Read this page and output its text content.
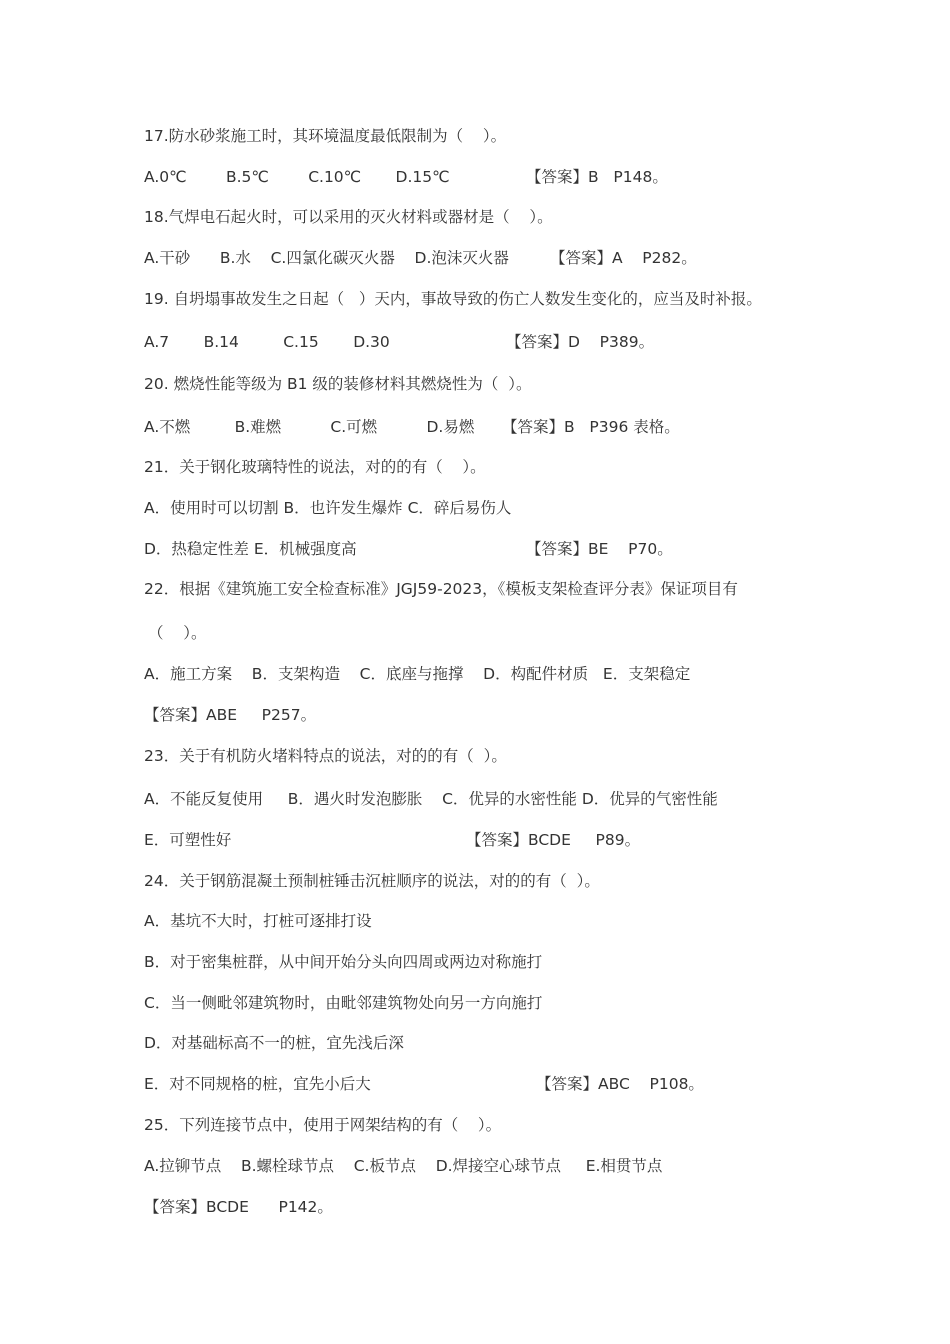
17.防水砂浆施工时，其环境温度最低限制为（    ）。

A.0℃        B.5℃        C.10℃       D.15℃

	【答案】B   P148。

18.气焊电石起火时，可以采用的灭火材料或器材是（    ）。

A.干砂      B.水    C.四氯化碳灭火器    D.泡沫灭火器

	【答案】A    P282。

19. 自坍塌事故发生之日起（   ）天内，事故导致的伤亡人数发生变化的，应当及时补报。

A.7       B.14         C.15       D.30

	【答案】D    P389。

20. 燃烧性能等级为 B1 级的装修材料其燃烧性为（  ）。

A.不燃         B.难燃          C.可燃          D.易燃

【答案】B   P396 表格。

21．关于钢化玻璃特性的说法，对的的有（    ）。

A．使用时可以切割 B．也许发生爆炸 C．碎后易伤人

D．热稳定性差 E．机械强度高

	【答案】BE    P70。

22．根据《建筑施工安全检查标准》JGJ59-2023，《模板支架检查评分表》保证项目有

（    ）。

A．施工方案    B．支架构造    C．底座与拖撑    D．构配件材质   E．支架稳定

【答案】ABE     P257。

23．关于有机防火堵料特点的说法，对的的有（  ）。

A．不能反复使用     B．遇火时发泡膨胀    C．优异的水密性能 D．优异的气密性能

E．可塑性好

	【答案】BCDE     P89。

24．关于钢筋混凝土预制桩锤击沉桩顺序的说法，对的的有（  ）。

A．基坑不大时，打桩可逐排打设

B．对于密集桩群，从中间开始分头向四周或两边对称施打

C．当一侧毗邻建筑物时，由毗邻建筑物处向另一方向施打

D．对基础标高不一的桩，宜先浅后深

E．对不同规格的桩，宜先小后大

	【答案】ABC    P108。

25．下列连接节点中，使用于网架结构的有（    ）。

A.拉铆节点    B.螺栓球节点    C.板节点    D.焊接空心球节点     E.相贯节点

【答案】BCDE      P142。
